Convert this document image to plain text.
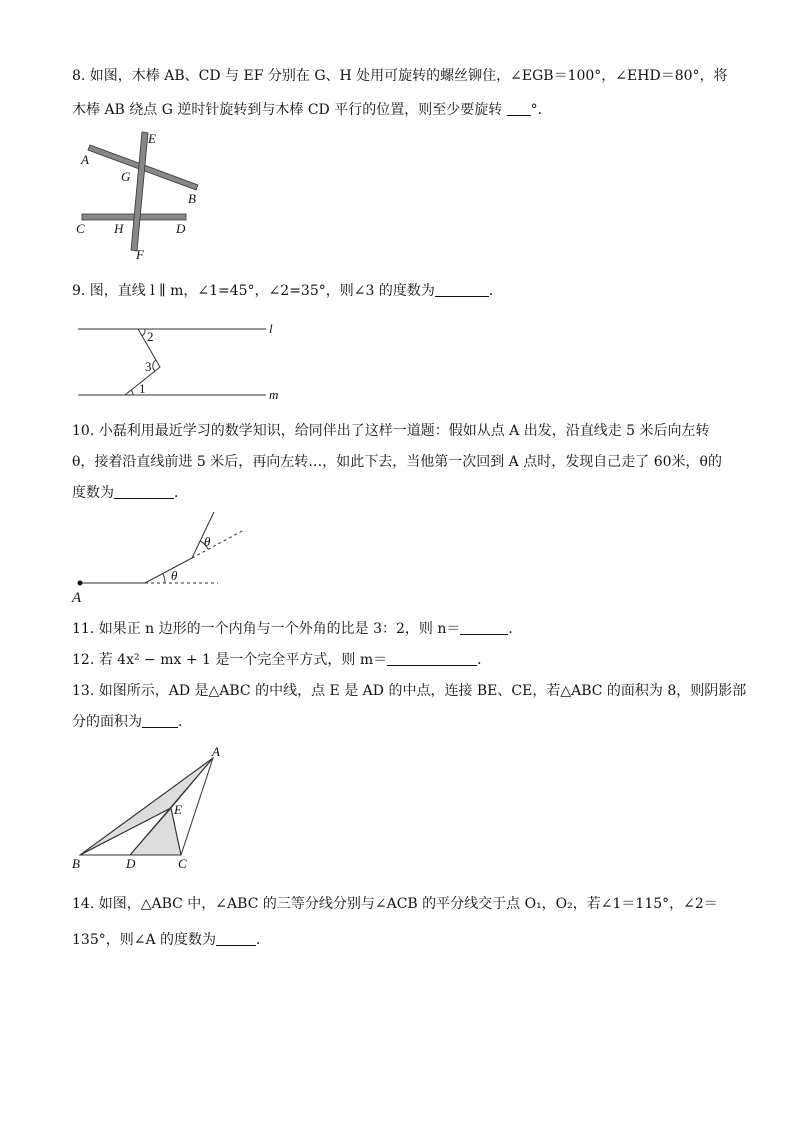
8. 如图，木棒 AB、CD 与 EF 分别在 G、H 处用可旋转的螺丝铆住，∠EGB＝100°，∠EHD＝80°，将
木棒 AB 绕点 G 逆时针旋转到与木棒 CD 平行的位置，则至少要旋转 °．
A
E
G
B
C H	D
F
9. 图，直线 l ∥ m，∠1=45°，∠2=35°，则∠3 的度数为	．
l
m
2
3
1
10. 小磊利用最近学习的数学知识，给同伴出了这样一道题：假如从点 A 出发，沿直线走 5 米后向左转
θ，接着沿直线前进 5 米后，再向左转…，如此下去，当他第一次回到 A 点时，发现自己走了 60米，θ的
度数为	．
A
θ
θ
11. 如果正 n 边形的一个内角与一个外角的比是 3：2，则 n＝	．
12. 若 4x² − mx + 1 是一个完全平方式，则 m＝	．
13. 如图所示，AD 是△ABC 的中线，点 E 是 AD 的中点，连接 BE、CE，若△ABC 的面积为 8，则阴影部
分的面积为	．
A
E
B	D	C
14. 如图，△ABC 中，∠ABC 的三等分线分别与∠ACB 的平分线交于点 O₁，O₂，若∠1＝115°，∠2＝
135°，则∠A 的度数为	．
